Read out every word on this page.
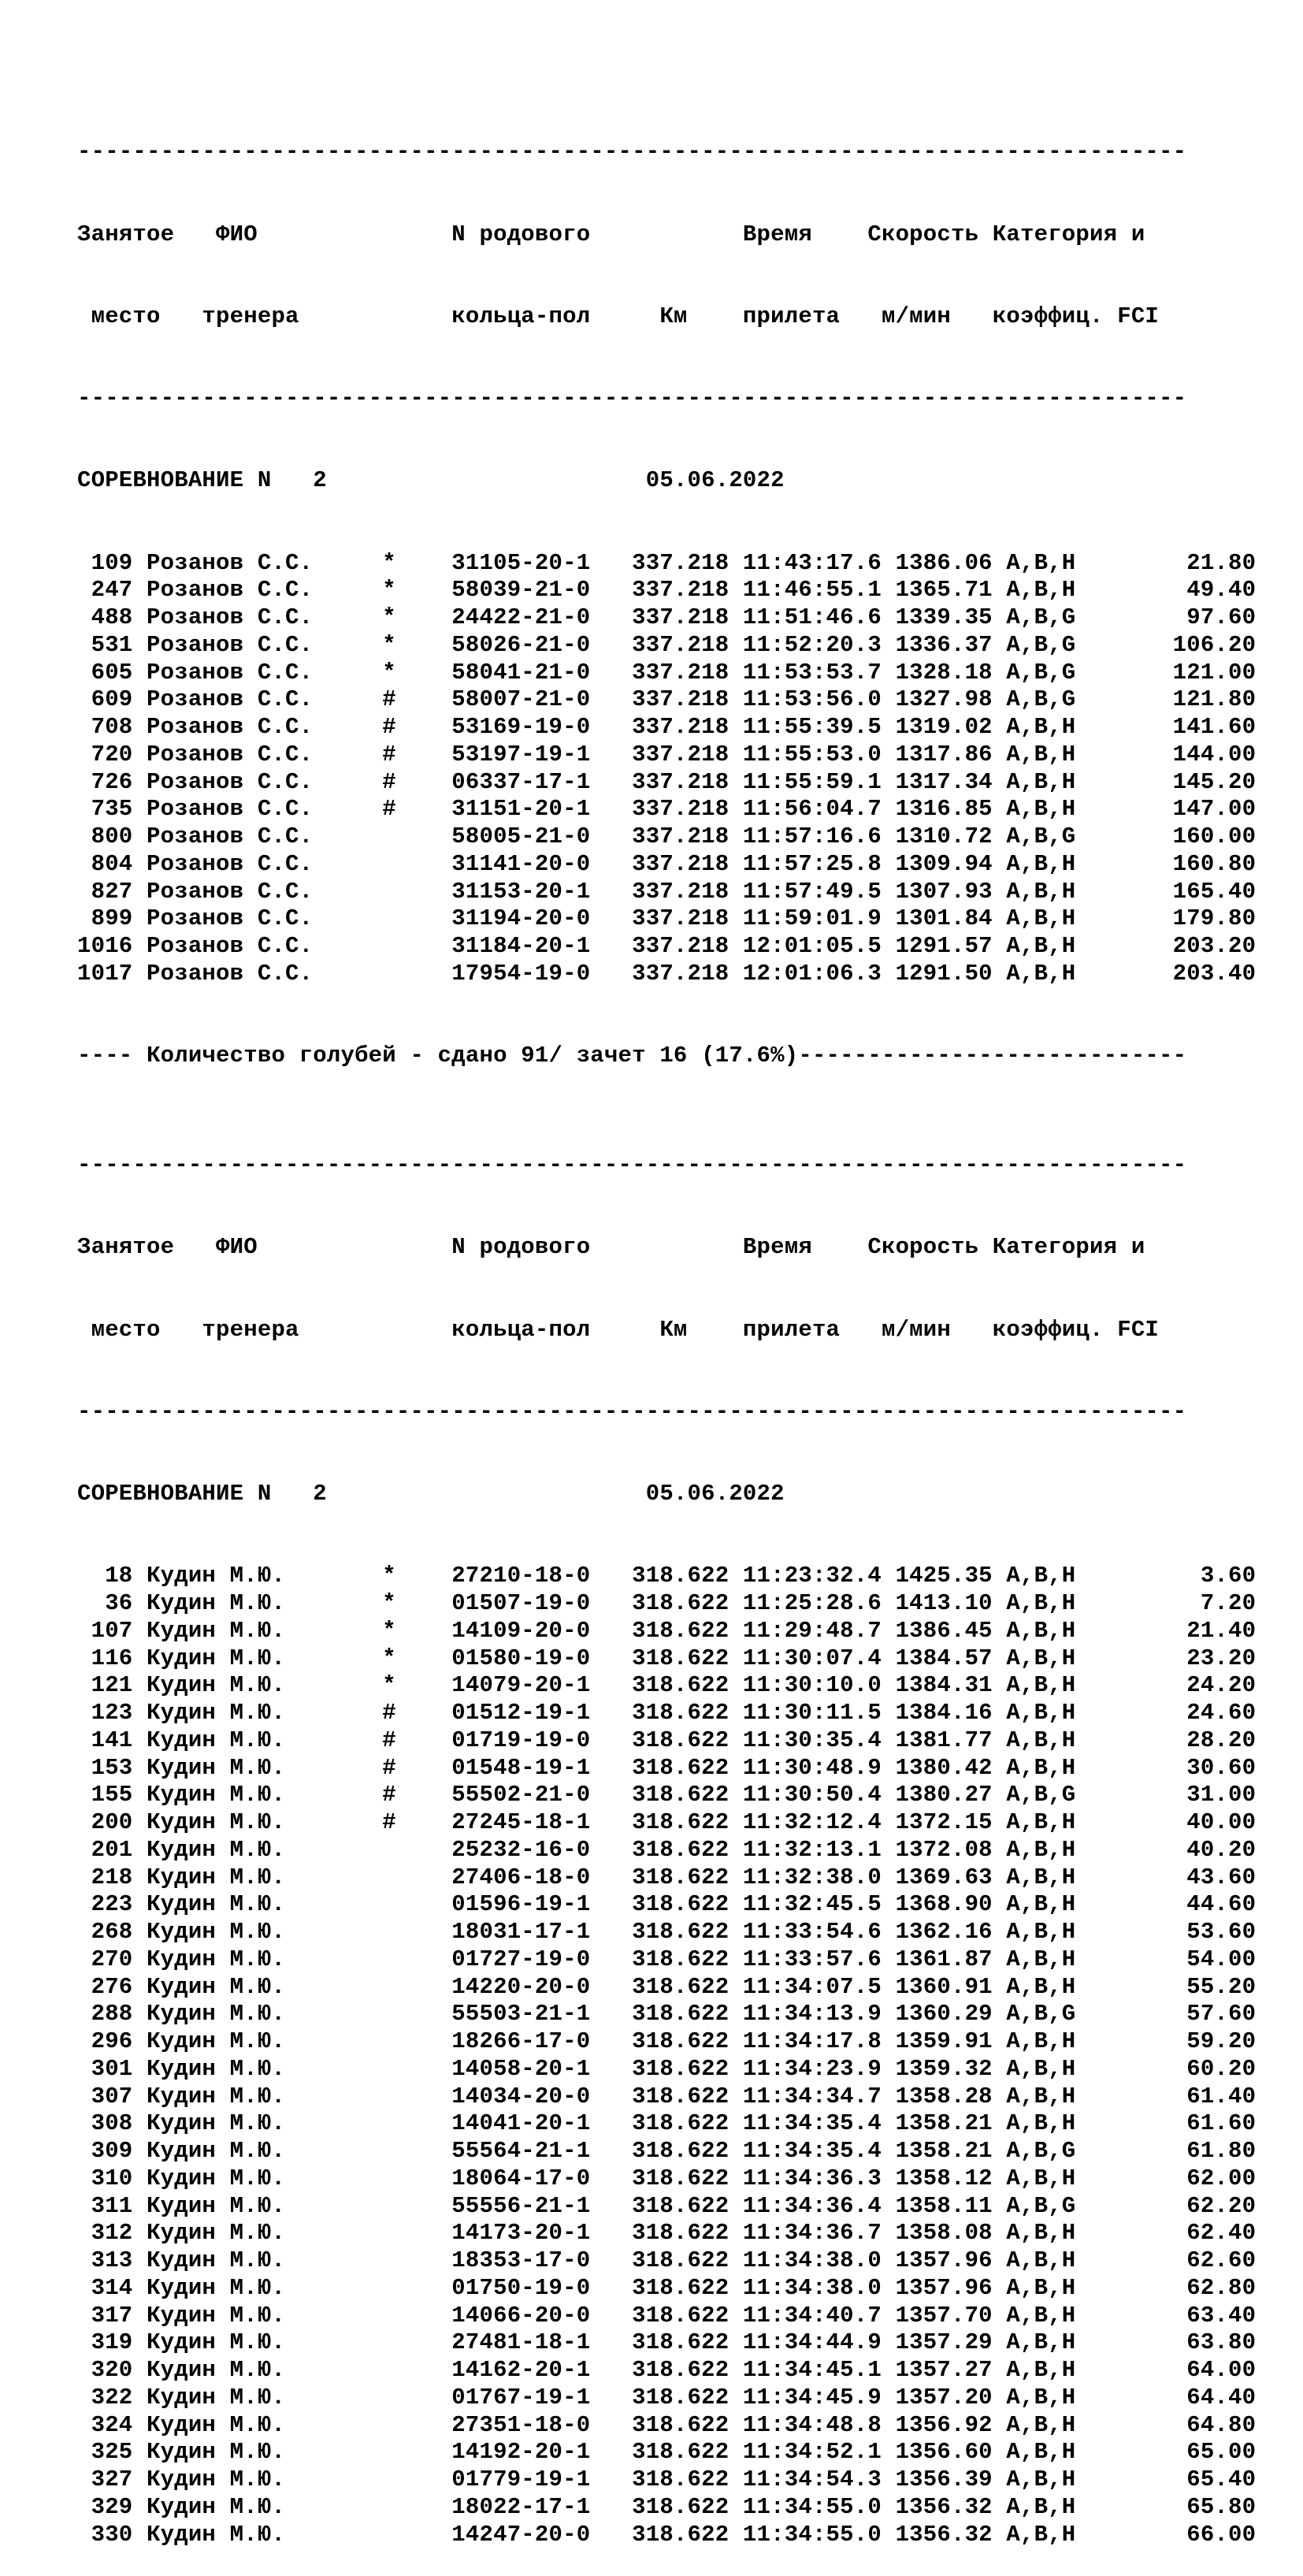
--------------------------------------------------------------------------------

Занятое   ФИО              N родового           Время    Скорость Категория и

место   тренера           кольца-пол     Км    прилета   м/мин   коэффиц. FCI

--------------------------------------------------------------------------------

СОРЕВНОВАНИЕ N   2                       05.06.2022

109 Розанов С.С.     *    31105-20-1   337.218 11:43:17.6 1386.06 A,B,H        21.80
247 Розанов С.С.     *    58039-21-0   337.218 11:46:55.1 1365.71 A,B,H        49.40
488 Розанов С.С.     *    24422-21-0   337.218 11:51:46.6 1339.35 A,B,G        97.60
531 Розанов С.С.     *    58026-21-0   337.218 11:52:20.3 1336.37 A,B,G       106.20
605 Розанов С.С.     *    58041-21-0   337.218 11:53:53.7 1328.18 A,B,G       121.00
609 Розанов С.С.     #    58007-21-0   337.218 11:53:56.0 1327.98 A,B,G       121.80
708 Розанов С.С.     #    53169-19-0   337.218 11:55:39.5 1319.02 A,B,H       141.60
720 Розанов С.С.     #    53197-19-1   337.218 11:55:53.0 1317.86 A,B,H       144.00
726 Розанов С.С.     #    06337-17-1   337.218 11:55:59.1 1317.34 A,B,H       145.20
735 Розанов С.С.     #    31151-20-1   337.218 11:56:04.7 1316.85 A,B,H       147.00
800 Розанов С.С.          58005-21-0   337.218 11:57:16.6 1310.72 A,B,G       160.00
804 Розанов С.С.          31141-20-0   337.218 11:57:25.8 1309.94 A,B,H       160.80
827 Розанов С.С.          31153-20-1   337.218 11:57:49.5 1307.93 A,B,H       165.40
899 Розанов С.С.          31194-20-0   337.218 11:59:01.9 1301.84 A,B,H       179.80
1016 Розанов С.С.          31184-20-1   337.218 12:01:05.5 1291.57 A,B,H       203.20
1017 Розанов С.С.          17954-19-0   337.218 12:01:06.3 1291.50 A,B,H       203.40

---- Количество голубей - сдано 91/ зачет 16 (17.6%)----------------------------

--------------------------------------------------------------------------------

Занятое   ФИО              N родового           Время    Скорость Категория и

место   тренера           кольца-пол     Км    прилета   м/мин   коэффиц. FCI

--------------------------------------------------------------------------------

СОРЕВНОВАНИЕ N   2                       05.06.2022

18 Кудин М.Ю.       *    27210-18-0   318.622 11:23:32.4 1425.35 A,B,H         3.60
36 Кудин М.Ю.       *    01507-19-0   318.622 11:25:28.6 1413.10 A,B,H         7.20
107 Кудин М.Ю.       *    14109-20-0   318.622 11:29:48.7 1386.45 A,B,H        21.40
116 Кудин М.Ю.       *    01580-19-0   318.622 11:30:07.4 1384.57 A,B,H        23.20
121 Кудин М.Ю.       *    14079-20-1   318.622 11:30:10.0 1384.31 A,B,H        24.20
123 Кудин М.Ю.       #    01512-19-1   318.622 11:30:11.5 1384.16 A,B,H        24.60
141 Кудин М.Ю.       #    01719-19-0   318.622 11:30:35.4 1381.77 A,B,H        28.20
153 Кудин М.Ю.       #    01548-19-1   318.622 11:30:48.9 1380.42 A,B,H        30.60
155 Кудин М.Ю.       #    55502-21-0   318.622 11:30:50.4 1380.27 A,B,G        31.00
200 Кудин М.Ю.       #    27245-18-1   318.622 11:32:12.4 1372.15 A,B,H        40.00
201 Кудин М.Ю.            25232-16-0   318.622 11:32:13.1 1372.08 A,B,H        40.20
218 Кудин М.Ю.            27406-18-0   318.622 11:32:38.0 1369.63 A,B,H        43.60
223 Кудин М.Ю.            01596-19-1   318.622 11:32:45.5 1368.90 A,B,H        44.60
268 Кудин М.Ю.            18031-17-1   318.622 11:33:54.6 1362.16 A,B,H        53.60
270 Кудин М.Ю.            01727-19-0   318.622 11:33:57.6 1361.87 A,B,H        54.00
276 Кудин М.Ю.            14220-20-0   318.622 11:34:07.5 1360.91 A,B,H        55.20
288 Кудин М.Ю.            55503-21-1   318.622 11:34:13.9 1360.29 A,B,G        57.60
296 Кудин М.Ю.            18266-17-0   318.622 11:34:17.8 1359.91 A,B,H        59.20
301 Кудин М.Ю.            14058-20-1   318.622 11:34:23.9 1359.32 A,B,H        60.20
307 Кудин М.Ю.            14034-20-0   318.622 11:34:34.7 1358.28 A,B,H        61.40
308 Кудин М.Ю.            14041-20-1   318.622 11:34:35.4 1358.21 A,B,H        61.60
309 Кудин М.Ю.            55564-21-1   318.622 11:34:35.4 1358.21 A,B,G        61.80
310 Кудин М.Ю.            18064-17-0   318.622 11:34:36.3 1358.12 A,B,H        62.00
311 Кудин М.Ю.            55556-21-1   318.622 11:34:36.4 1358.11 A,B,G        62.20
312 Кудин М.Ю.            14173-20-1   318.622 11:34:36.7 1358.08 A,B,H        62.40
313 Кудин М.Ю.            18353-17-0   318.622 11:34:38.0 1357.96 A,B,H        62.60
314 Кудин М.Ю.            01750-19-0   318.622 11:34:38.0 1357.96 A,B,H        62.80
317 Кудин М.Ю.            14066-20-0   318.622 11:34:40.7 1357.70 A,B,H        63.40
319 Кудин М.Ю.            27481-18-1   318.622 11:34:44.9 1357.29 A,B,H        63.80
320 Кудин М.Ю.            14162-20-1   318.622 11:34:45.1 1357.27 A,B,H        64.00
322 Кудин М.Ю.            01767-19-1   318.622 11:34:45.9 1357.20 A,B,H        64.40
324 Кудин М.Ю.            27351-18-0   318.622 11:34:48.8 1356.92 A,B,H        64.80
325 Кудин М.Ю.            14192-20-1   318.622 11:34:52.1 1356.60 A,B,H        65.00
327 Кудин М.Ю.            01779-19-1   318.622 11:34:54.3 1356.39 A,B,H        65.40
329 Кудин М.Ю.            18022-17-1   318.622 11:34:55.0 1356.32 A,B,H        65.80
330 Кудин М.Ю.            14247-20-0   318.622 11:34:55.0 1356.32 A,B,H        66.00
